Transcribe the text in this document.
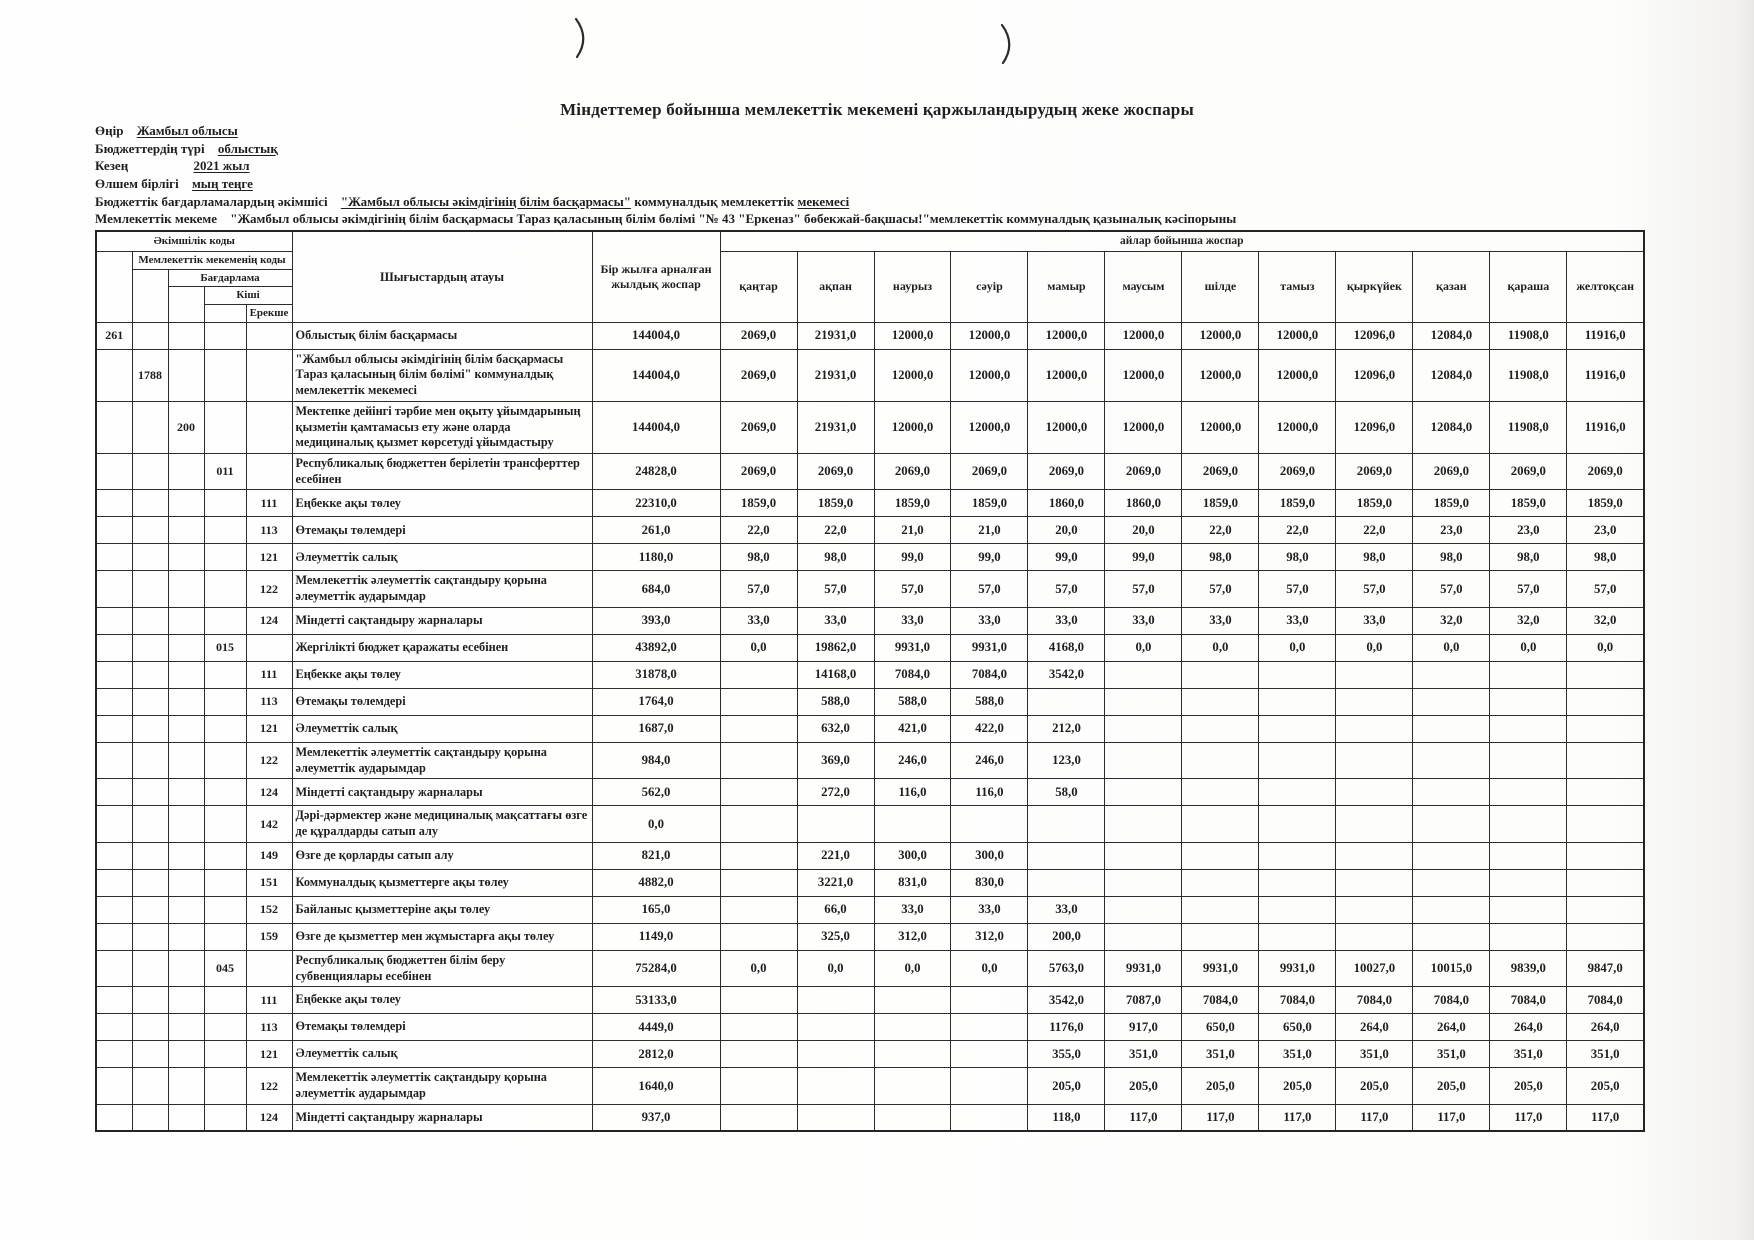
Міндеттемер бойынша мемлекеттік мекемені қаржыландырудың жеке жоспары
Өңір Жамбыл облысы
Бюджеттердің түрі облыстық
Кезең	2021 жыл
Өлшем бірлігі мың теңге
Бюджеттік бағдарламалардың әкімшісі "Жамбыл облысы әкімдігінің білім басқармасы" коммуналдық мемлекеттік мекемесі
Мемлекеттік мекеме "Жамбыл облысы әкімдігінің білім басқармасы Тараз қаласының білім бөлімі "№ 43 "Еркеназ" бөбекжай-бақшасы!"мемлекеттік коммуналдық қазыналық кәсіпорыны
Әкімшілік коды					Шығыстардың атауы	Бір жылға арналған жылдық жоспар	айлар бойынша жоспар											
	Мемлекеттік мекеменің коды						қаңтар	ақпан	наурыз	сәуір	мамыр	маусым	шілде	тамыз	қыркүйек	қазан	қараша	желтоқсан
		Бағдарлама																
			Кіші															
				Ерекше														
261					Облыстық білім басқармасы	144004,0	2069,0	21931,0	12000,0	12000,0	12000,0	12000,0	12000,0	12000,0	12096,0	12084,0	11908,0	11916,0
	1788				"Жамбыл облысы әкімдігінің білім басқармасы Тараз қаласының білім бөлімі" коммуналдық мемлекеттік мекемесі	144004,0	2069,0	21931,0	12000,0	12000,0	12000,0	12000,0	12000,0	12000,0	12096,0	12084,0	11908,0	11916,0
		200			Мектепке дейінгі тәрбие мен оқыту ұйымдарының қызметін қамтамасыз ету және оларда медициналық қызмет көрсетуді ұйымдастыру	144004,0	2069,0	21931,0	12000,0	12000,0	12000,0	12000,0	12000,0	12000,0	12096,0	12084,0	11908,0	11916,0
			011		Республикалық бюджеттен берілетін трансферттер есебінен	24828,0	2069,0	2069,0	2069,0	2069,0	2069,0	2069,0	2069,0	2069,0	2069,0	2069,0	2069,0	2069,0
				111	Еңбекке ақы төлеу	22310,0	1859,0	1859,0	1859,0	1859,0	1860,0	1860,0	1859,0	1859,0	1859,0	1859,0	1859,0	1859,0
				113	Өтемақы төлемдері	261,0	22,0	22,0	21,0	21,0	20,0	20,0	22,0	22,0	22,0	23,0	23,0	23,0
				121	Әлеуметтік салық	1180,0	98,0	98,0	99,0	99,0	99,0	99,0	98,0	98,0	98,0	98,0	98,0	98,0
				122	Мемлекеттік әлеуметтік сақтандыру қорына әлеуметтік аударымдар	684,0	57,0	57,0	57,0	57,0	57,0	57,0	57,0	57,0	57,0	57,0	57,0	57,0
				124	Міндетті сақтандыру жарналары	393,0	33,0	33,0	33,0	33,0	33,0	33,0	33,0	33,0	33,0	32,0	32,0	32,0
			015		Жергілікті бюджет қаражаты есебінен	43892,0	0,0	19862,0	9931,0	9931,0	4168,0	0,0	0,0	0,0	0,0	0,0	0,0	0,0
				111	Еңбекке ақы төлеу	31878,0		14168,0	7084,0	7084,0	3542,0							
				113	Өтемақы төлемдері	1764,0		588,0	588,0	588,0								
				121	Әлеуметтік салық	1687,0		632,0	421,0	422,0	212,0							
				122	Мемлекеттік әлеуметтік сақтандыру қорына әлеуметтік аударымдар	984,0		369,0	246,0	246,0	123,0							
				124	Міндетті сақтандыру жарналары	562,0		272,0	116,0	116,0	58,0							
				142	Дәрі-дәрмектер және медициналық мақсаттағы өзге де құралдарды сатып алу	0,0												
				149	Өзге де қорларды сатып алу	821,0		221,0	300,0	300,0								
				151	Коммуналдық қызметтерге ақы төлеу	4882,0		3221,0	831,0	830,0								
				152	Байланыс қызметтеріне ақы төлеу	165,0		66,0	33,0	33,0	33,0							
				159	Өзге де қызметтер мен жұмыстарға ақы төлеу	1149,0		325,0	312,0	312,0	200,0							
			045		Республикалық бюджеттен білім беру субвенциялары есебінен	75284,0	0,0	0,0	0,0	0,0	5763,0	9931,0	9931,0	9931,0	10027,0	10015,0	9839,0	9847,0
				111	Еңбекке ақы төлеу	53133,0					3542,0	7087,0	7084,0	7084,0	7084,0	7084,0	7084,0	7084,0
				113	Өтемақы төлемдері	4449,0					1176,0	917,0	650,0	650,0	264,0	264,0	264,0	264,0
				121	Әлеуметтік салық	2812,0					355,0	351,0	351,0	351,0	351,0	351,0	351,0	351,0
				122	Мемлекеттік әлеуметтік сақтандыру қорына әлеуметтік аударымдар	1640,0					205,0	205,0	205,0	205,0	205,0	205,0	205,0	205,0
				124	Міндетті сақтандыру жарналары	937,0					118,0	117,0	117,0	117,0	117,0	117,0	117,0	117,0
